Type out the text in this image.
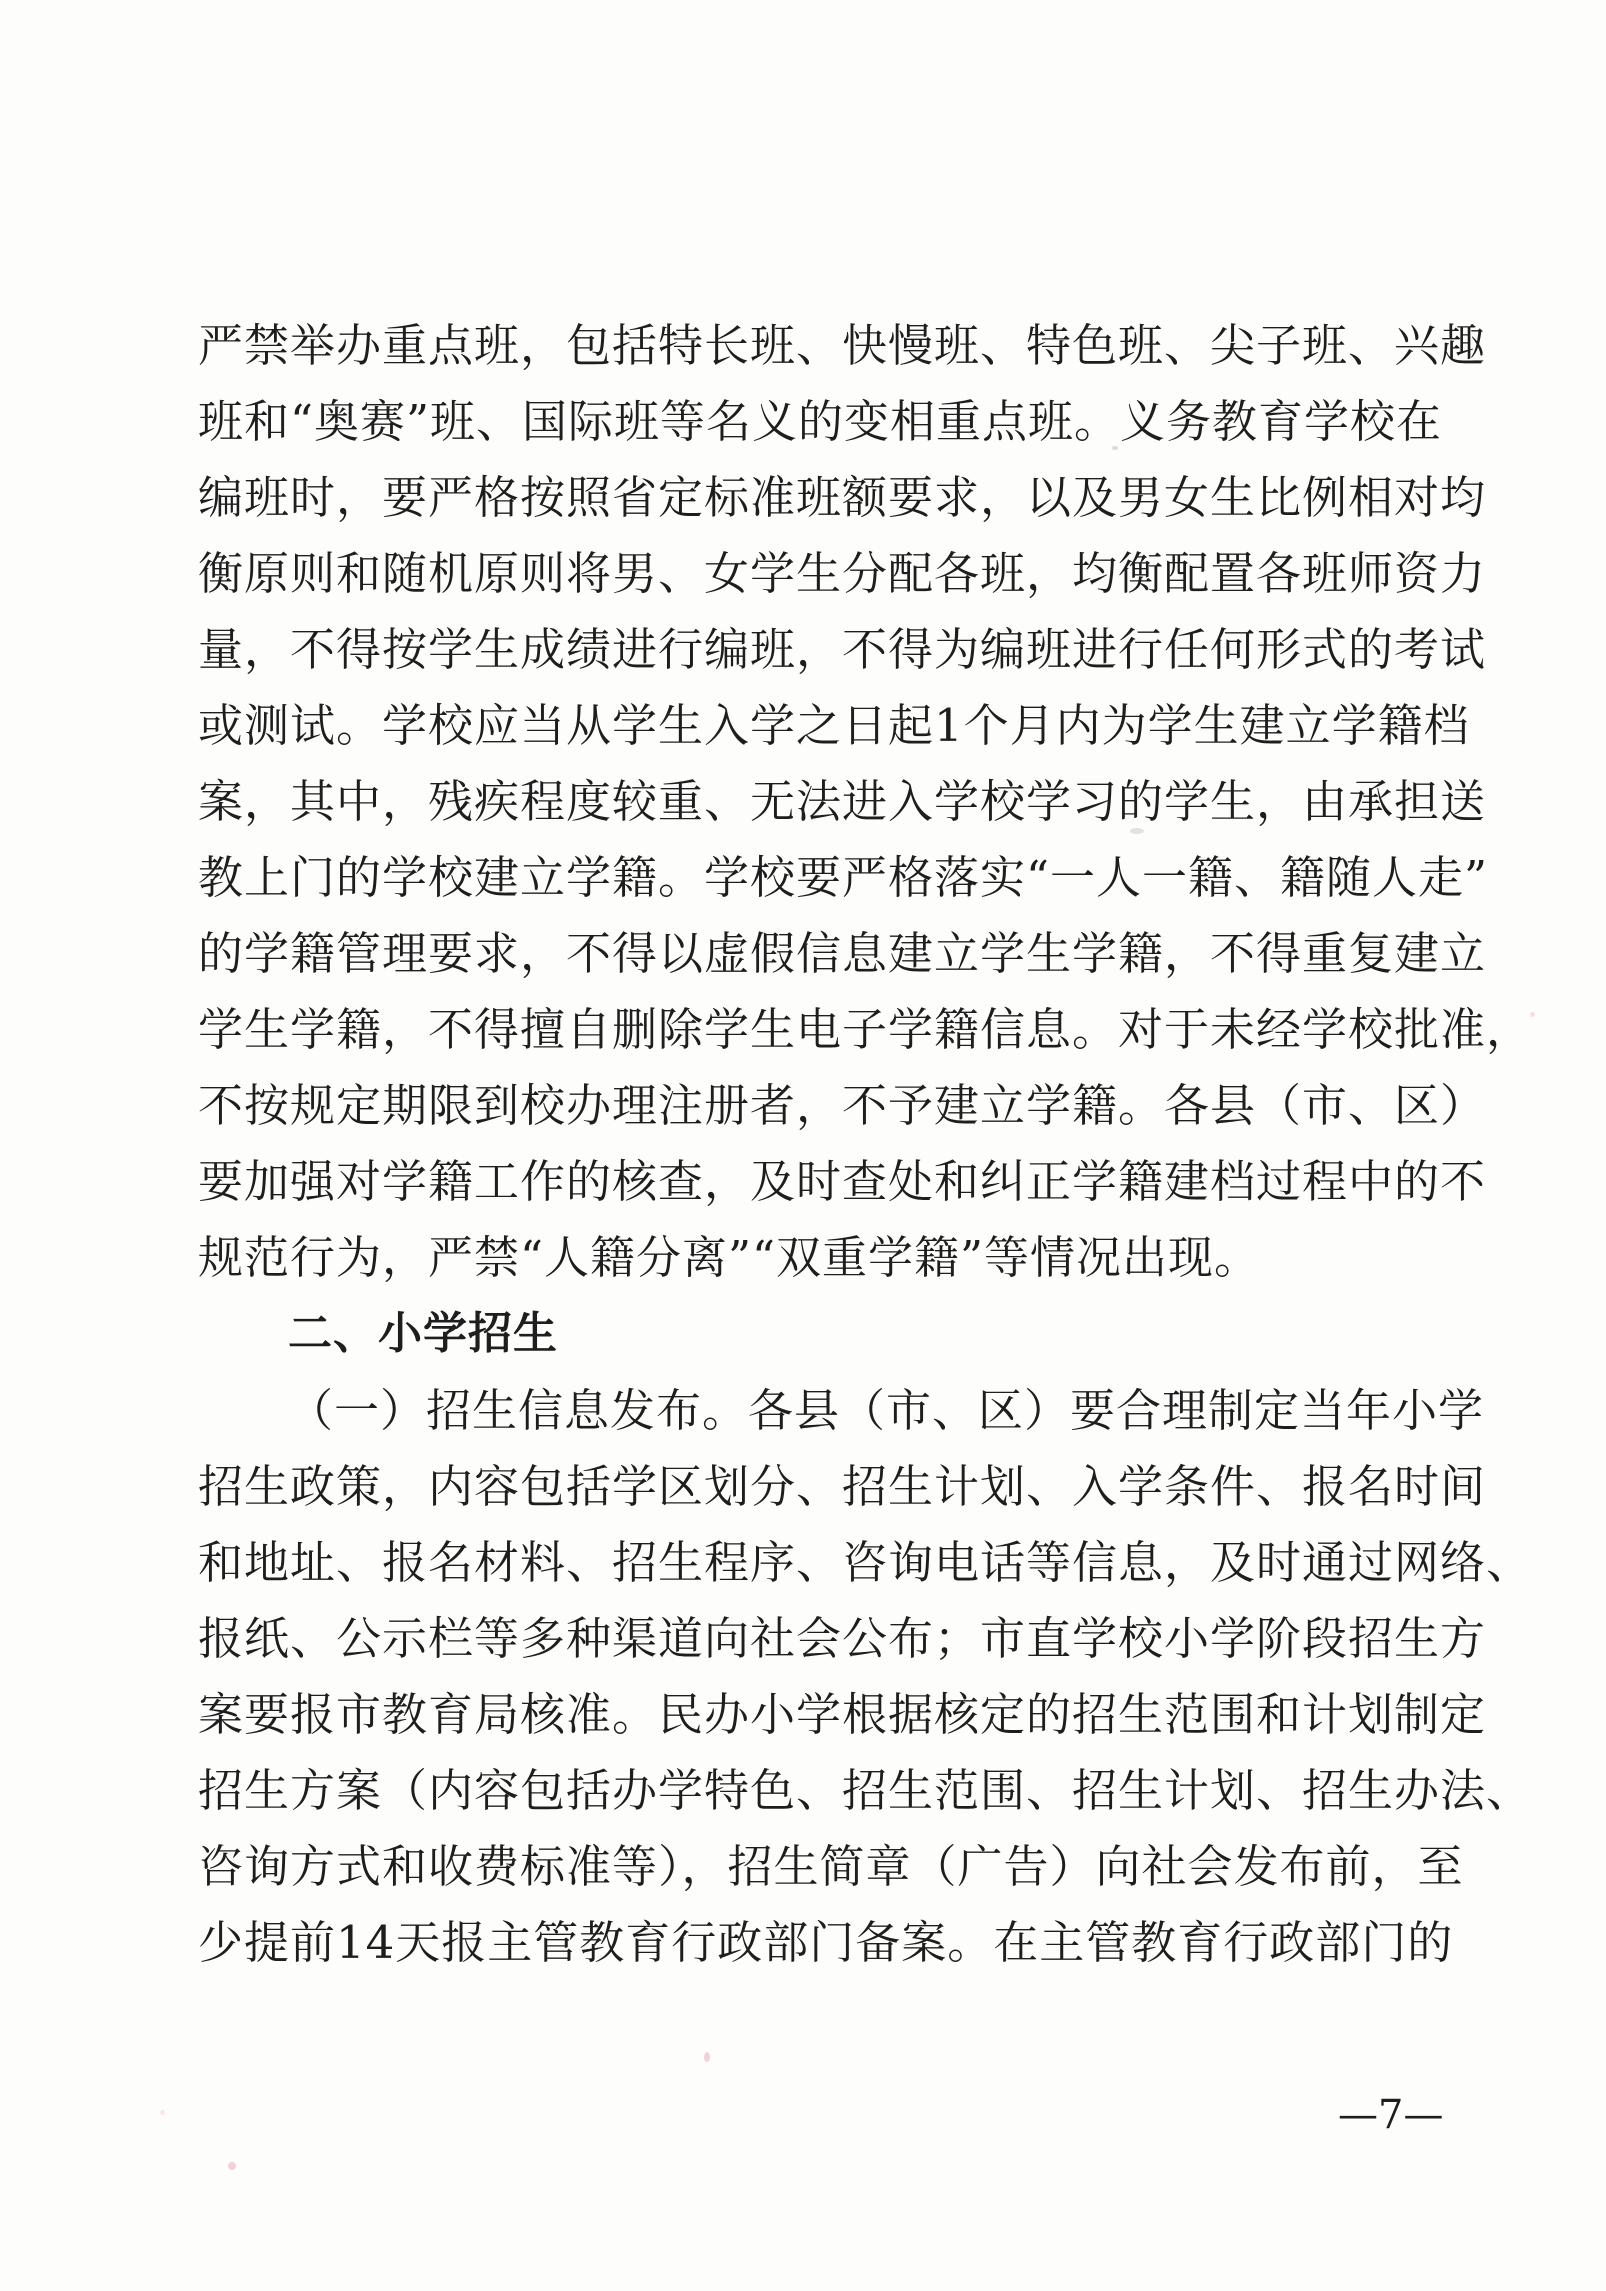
严禁举办重点班，包括特长班、快慢班、特色班、尖子班、兴趣
班和“奥赛”班、国际班等名义的变相重点班。义务教育学校在
编班时，要严格按照省定标准班额要求，以及男女生比例相对均
衡原则和随机原则将男、女学生分配各班，均衡配置各班师资力
量，不得按学生成绩进行编班，不得为编班进行任何形式的考试
或测试。学校应当从学生入学之日起1个月内为学生建立学籍档
案，其中，残疾程度较重、无法进入学校学习的学生，由承担送
教上门的学校建立学籍。学校要严格落实“一人一籍、籍随人走”
的学籍管理要求，不得以虚假信息建立学生学籍，不得重复建立
学生学籍，不得擅自删除学生电子学籍信息。对于未经学校批准，
不按规定期限到校办理注册者，不予建立学籍。各县（市、区）
要加强对学籍工作的核查，及时查处和纠正学籍建档过程中的不
规范行为，严禁“人籍分离”“双重学籍”等情况出现。
二、小学招生
（一）招生信息发布。各县（市、区）要合理制定当年小学
招生政策，内容包括学区划分、招生计划、入学条件、报名时间
和地址、报名材料、招生程序、咨询电话等信息，及时通过网络、
报纸、公示栏等多种渠道向社会公布；市直学校小学阶段招生方
案要报市教育局核准。民办小学根据核定的招生范围和计划制定
招生方案（内容包括办学特色、招生范围、招生计划、招生办法、
咨询方式和收费标准等），招生简章（广告）向社会发布前，至
少提前14天报主管教育行政部门备案。在主管教育行政部门的
—7—
